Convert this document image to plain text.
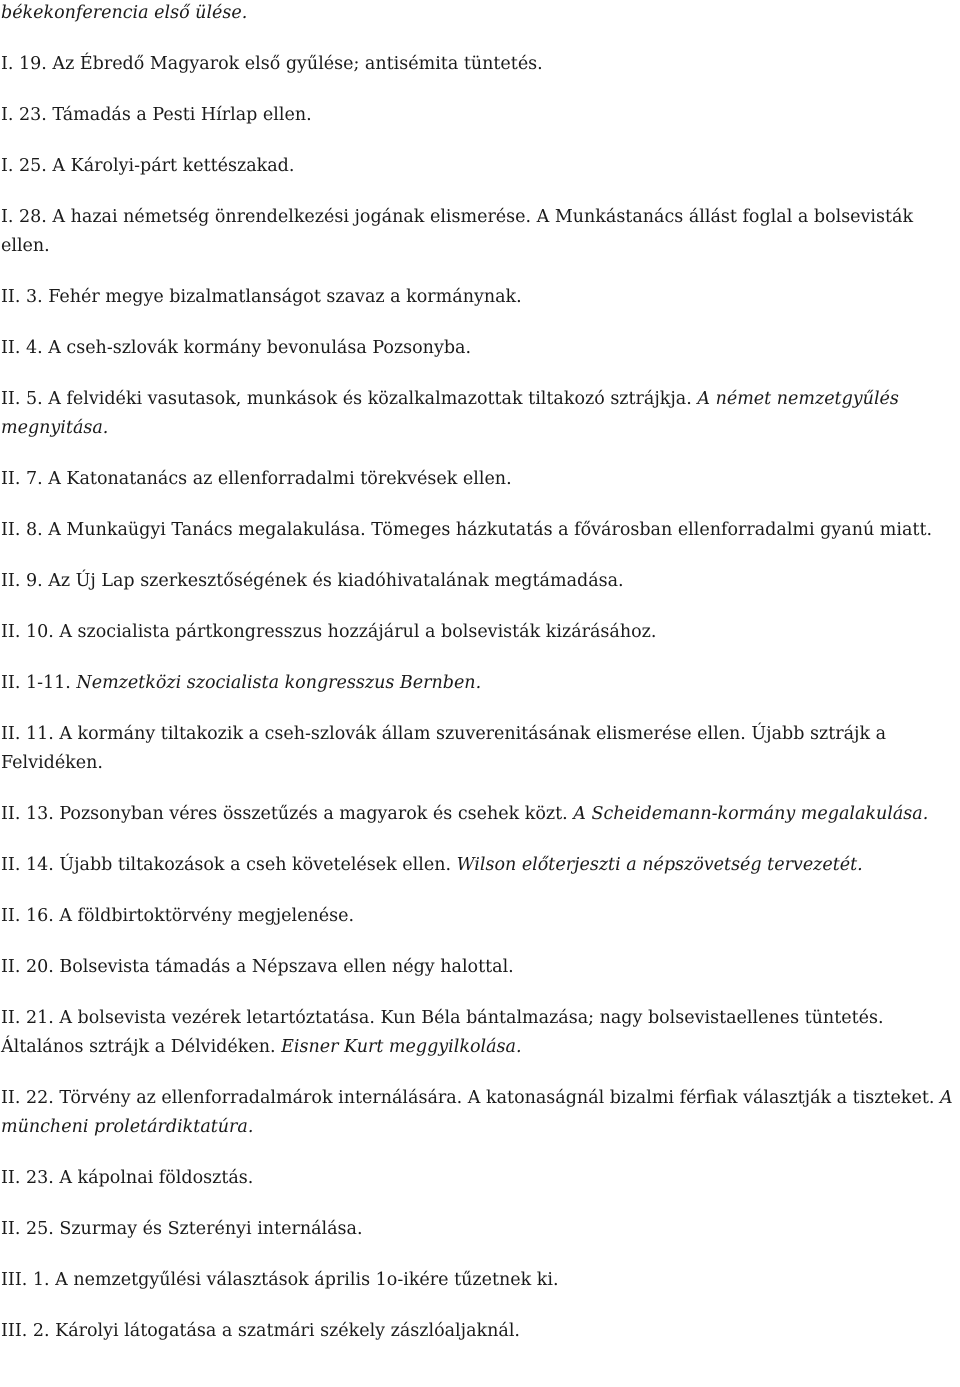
békekonferencia első ülése.

I. 19. Az Ébredő Magyarok első gyűlése; antisémita tüntetés.

I. 23. Támadás a Pesti Hírlap ellen.

I. 25. A Károlyi-párt kettészakad.

I. 28. A hazai németség önrendelkezési jogának elismerése. A Munkástanács állást foglal a bolsevisták ellen.

II. 3. Fehér megye bizalmatlanságot szavaz a kormánynak.

II. 4. A cseh-szlovák kormány bevonulása Pozsonyba.

II. 5. A felvidéki vasutasok, munkások és közalkalmazottak tiltakozó sztrájkja. A német nemzetgyűlés megnyitása.

II. 7. A Katonatanács az ellenforradalmi törekvések ellen.

II. 8. A Munkaügyi Tanács megalakulása. Tömeges házkutatás a fővárosban ellenforradalmi gyanú miatt.

II. 9. Az Új Lap szerkesztőségének és kiadóhivatalának megtámadása.

II. 10. A szocialista pártkongresszus hozzájárul a bolsevisták kizárásához.

II. 1-11. Nemzetközi szocialista kongresszus Bernben.

II. 11. A kormány tiltakozik a cseh-szlovák állam szuverenitásának elismerése ellen. Újabb sztrájk a Felvidéken.

II. 13. Pozsonyban véres összetűzés a magyarok és csehek közt. A Scheidemann-kormány megalakulása.

II. 14. Újabb tiltakozások a cseh követelések ellen. Wilson előterjeszti a népszövetség tervezetét.

II. 16. A földbirtoktörvény megjelenése.

II. 20. Bolsevista támadás a Népszava ellen négy halottal.

II. 21. A bolsevista vezérek letartóztatása. Kun Béla bántalmazása; nagy bolsevistaellenes tüntetés. Általános sztrájk a Délvidéken. Eisner Kurt meggyilkolása.

II. 22. Törvény az ellenforradalmárok internálására. A katonaságnál bizalmi férfiak választják a tiszteket. A müncheni proletárdiktatúra.

II. 23. A kápolnai földosztás.

II. 25. Szurmay és Szterényi internálása.

III. 1. A nemzetgyűlési választások április 1o-ikére tűzetnek ki.

III. 2. Károlyi látogatása a szatmári székely zászlóaljaknál.
